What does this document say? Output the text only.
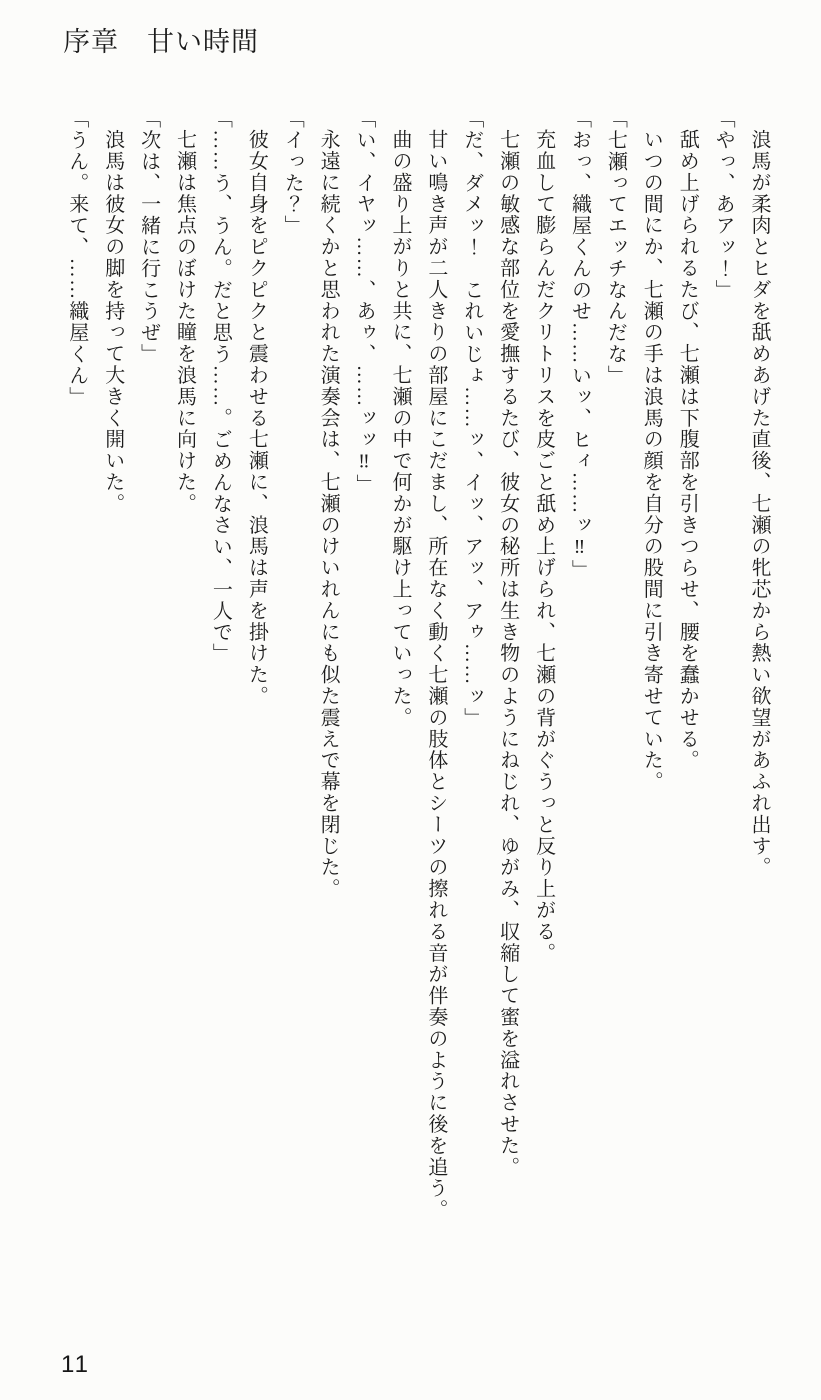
序章　甘い時間

浪馬が柔肉とヒダを舐めあげた直後、七瀬の牝芯から熱い欲望があふれ出す。

「やっ、あアッ！」

舐め上げられるたび、七瀬は下腹部を引きつらせ、腰を蠢かせる。

いつの間にか、七瀬の手は浪馬の顔を自分の股間に引き寄せていた。

「七瀬ってエッチなんだな」

「おっ、織屋くんのせ……いッ、ヒィ……ッ‼」

充血して膨らんだクリトリスを皮ごと舐め上げられ、七瀬の背がぐうっと反り上がる。

七瀬の敏感な部位を愛撫するたび、彼女の秘所は生き物のようにねじれ、ゆがみ、収縮して蜜を溢れさせた。

「だ、ダメッ！　これいじょ……ッ、イッ、アッ、アゥ……ッ」

甘い鳴き声が二人きりの部屋にこだまし、所在なく動く七瀬の肢体とシーツの擦れる音が伴奏のように後を追う。

曲の盛り上がりと共に、七瀬の中で何かが駆け上っていった。

「い、イヤッ……、あゥ、……ッッ‼」

永遠に続くかと思われた演奏会は、七瀬のけいれんにも似た震えで幕を閉じた。

「イった？」

彼女自身をピクピクと震わせる七瀬に、浪馬は声を掛けた。

「……う、うん。だと思う……。ごめんなさい、一人で」

七瀬は焦点のぼけた瞳を浪馬に向けた。

「次は、一緒に行こうぜ」

浪馬は彼女の脚を持って大きく開いた。

「うん。来て、……織屋くん」

11
